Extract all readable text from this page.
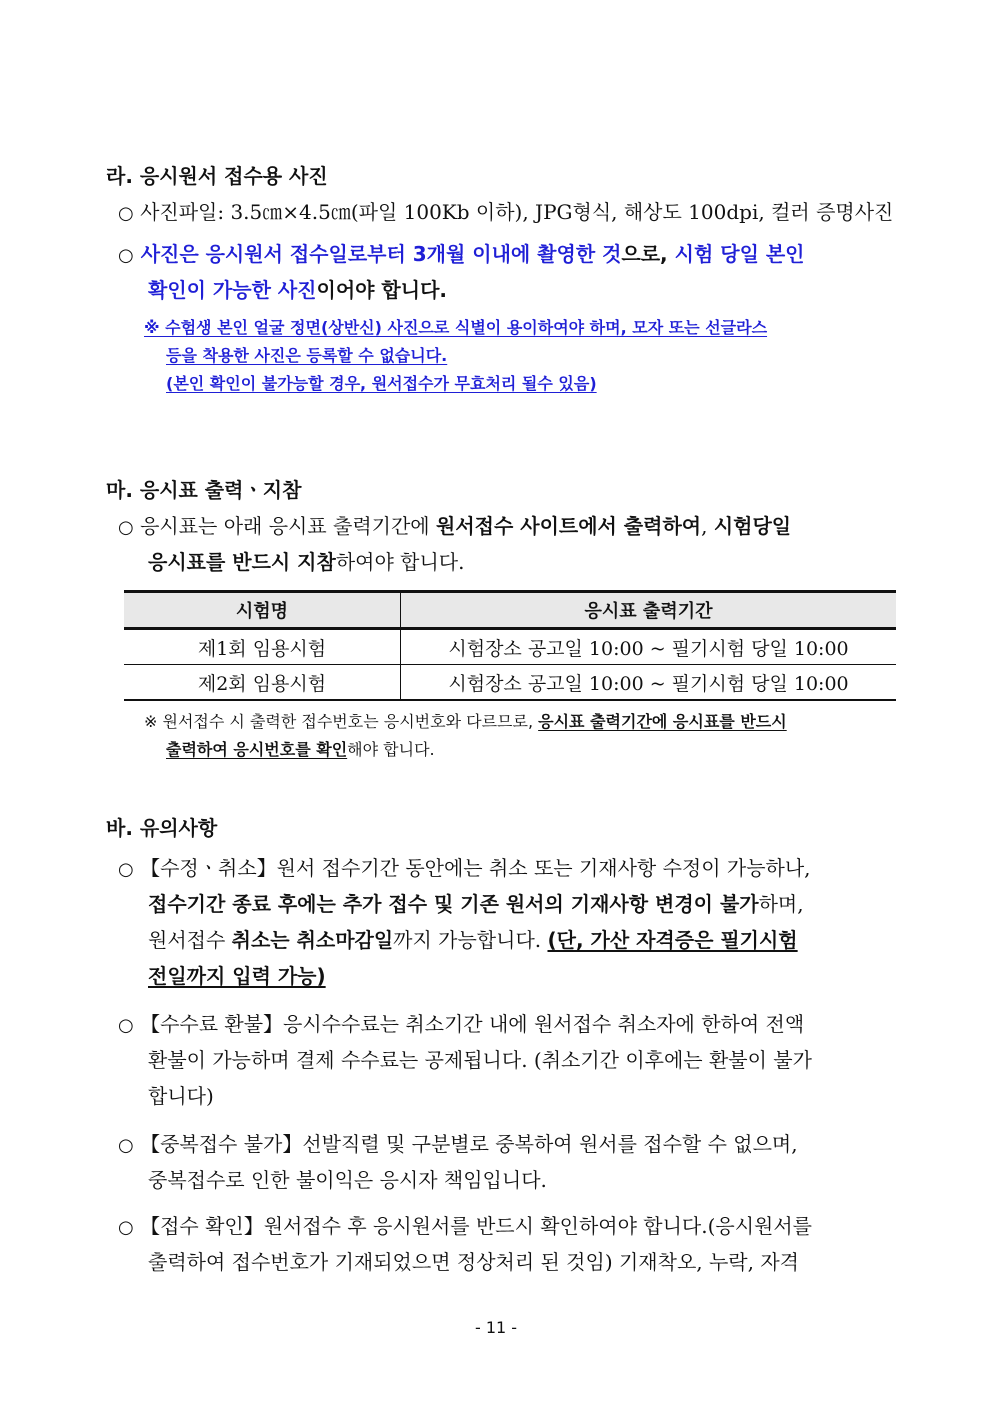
라. 응시원서 접수용 사진
○ 사진파일: 3.5㎝×4.5㎝(파일 100Kb 이하), JPG형식, 해상도 100dpi, 컬러 증명사진
○ 사진은 응시원서 접수일로부터 3개월 이내에 촬영한 것으로, 시험 당일 본인
확인이 가능한 사진이어야 합니다.
※ 수험생 본인 얼굴 정면(상반신) 사진으로 식별이 용이하여야 하며, 모자 또는 선글라스
등을 착용한 사진은 등록할 수 없습니다.
(본인 확인이 불가능할 경우, 원서접수가 무효처리 될수 있음)
마. 응시표 출력ㆍ지참
○ 응시표는 아래 응시표 출력기간에 원서접수 사이트에서 출력하여, 시험당일
응시표를 반드시 지참하여야 합니다.
시험명	응시표 출력기간
제1회 임용시험	시험장소 공고일 10:00 ~ 필기시험 당일 10:00
제2회 임용시험	시험장소 공고일 10:00 ~ 필기시험 당일 10:00
※ 원서접수 시 출력한 접수번호는 응시번호와 다르므로, 응시표 출력기간에 응시표를 반드시
출력하여 응시번호를 확인해야 합니다.
바. 유의사항
○ 【수정ㆍ취소】원서 접수기간 동안에는 취소 또는 기재사항 수정이 가능하나,
접수기간 종료 후에는 추가 접수 및 기존 원서의 기재사항 변경이 불가하며,
원서접수 취소는 취소마감일까지 가능합니다. (단, 가산 자격증은 필기시험
전일까지 입력 가능)
○ 【수수료 환불】응시수수료는 취소기간 내에 원서접수 취소자에 한하여 전액
환불이 가능하며 결제 수수료는 공제됩니다. (취소기간 이후에는 환불이 불가
합니다)
○ 【중복접수 불가】선발직렬 및 구분별로 중복하여 원서를 접수할 수 없으며,
중복접수로 인한 불이익은 응시자 책임입니다.
○ 【접수 확인】원서접수 후 응시원서를 반드시 확인하여야 합니다.(응시원서를
출력하여 접수번호가 기재되었으면 정상처리 된 것임) 기재착오, 누락, 자격
- 11 -
